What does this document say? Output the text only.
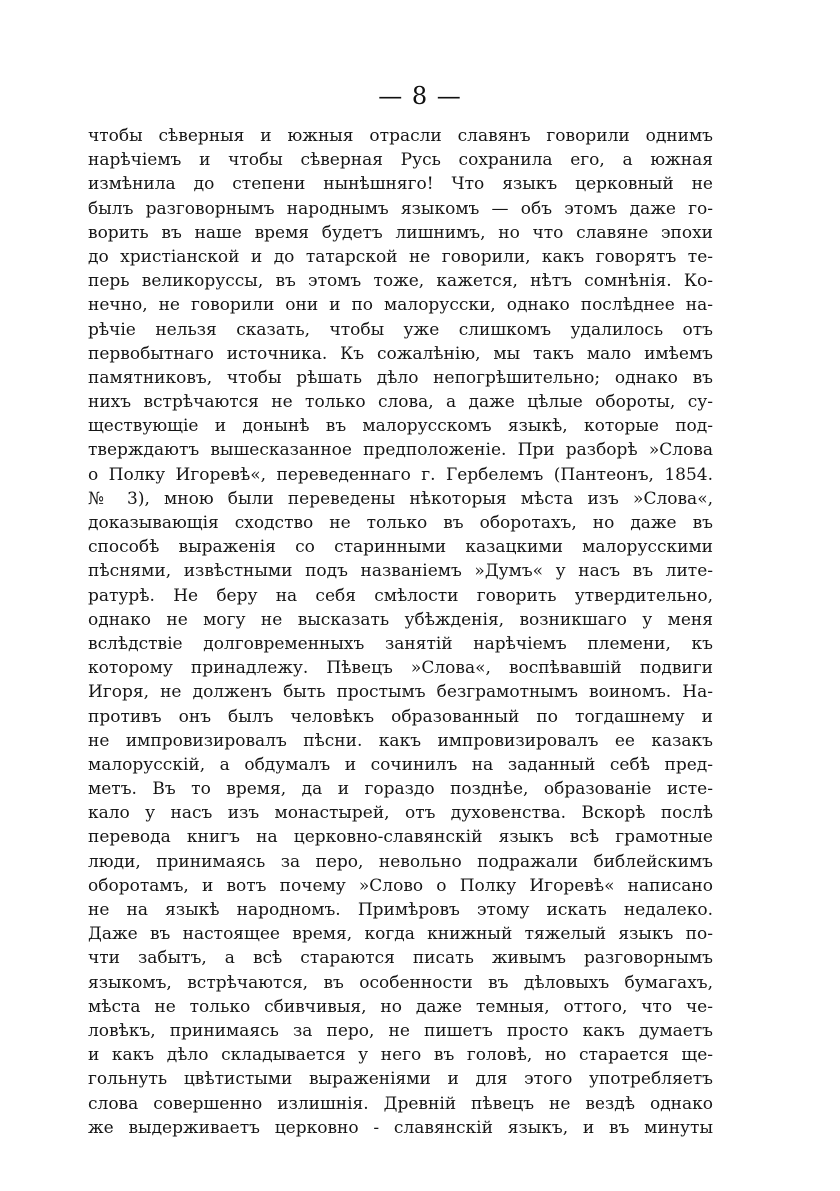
— 8 —
чтобы сѣверныя и южныя отрасли славянъ говорили однимъ
нарѣчіемъ и чтобы сѣверная Русь сохранила его, а южная
измѣнила до степени нынѣшняго! Что языкъ церковный не
былъ разговорнымъ народнымъ языкомъ — объ этомъ даже го-
ворить въ наше время будетъ лишнимъ, но что славяне эпохи
до христіанской и до татарской не говорили, какъ говорятъ те-
перь великоруссы, въ этомъ тоже, кажется, нѣтъ сомнѣнія. Ко-
нечно, не говорили они и по малорусски, однако послѣднее на-
рѣчіе нельзя сказать, чтобы уже слишкомъ удалилось отъ
первобытнаго источника. Къ сожалѣнію, мы такъ мало имѣемъ
памятниковъ, чтобы рѣшать дѣло непогрѣшительно; однако въ
нихъ встрѣчаются не только слова, а даже цѣлые обороты, су-
ществующіе и донынѣ въ малорусскомъ языкѣ, которые под-
тверждаютъ вышесказанное предположеніе. При разборѣ »Слова
о Полку Игоревѣ«, переведеннаго г. Гербелемъ (Пантеонъ, 1854.
№ 3), мною были переведены нѣкоторыя мѣста изъ »Слова«,
доказывающія сходство не только въ оборотахъ, но даже въ
способѣ выраженія со старинными казацкими малорусскими
пѣснями, извѣстными подъ названіемъ »Думъ« у насъ въ лите-
ратурѣ. Не беру на себя смѣлости говорить утвердительно,
однако не могу не высказать убѣжденія, возникшаго у меня
вслѣдствіе долговременныхъ занятій нарѣчіемъ племени, къ
которому принадлежу. Пѣвецъ »Слова«, воспѣвавшій подвиги
Игоря, не долженъ быть простымъ безграмотнымъ воиномъ. На-
противъ онъ былъ человѣкъ образованный по тогдашнему и
не импровизировалъ пѣсни. какъ импровизировалъ ее казакъ
малорусскій, а обдумалъ и сочинилъ на заданный себѣ пред-
метъ. Въ то время, да и гораздо позднѣе, образованіе исте-
кало у насъ изъ монастырей, отъ духовенства. Вскорѣ послѣ
перевода книгъ на церковно-славянскій языкъ всѣ грамотные
люди, принимаясь за перо, невольно подражали библейскимъ
оборотамъ, и вотъ почему »Слово о Полку Игоревѣ« написано
не на языкѣ народномъ. Примѣровъ этому искать недалеко.
Даже въ настоящее время, когда книжный тяжелый языкъ по-
чти забытъ, а всѣ стараются писать живымъ разговорнымъ
языкомъ, встрѣчаются, въ особенности въ дѣловыхъ бумагахъ,
мѣста не только сбивчивыя, но даже темныя, оттого, что че-
ловѣкъ, принимаясь за перо, не пишетъ просто какъ думаетъ
и какъ дѣло складывается у него въ головѣ, но старается ще-
гольнуть цвѣтистыми выраженіями и для этого употребляетъ
слова совершенно излишнія. Древній пѣвецъ не вездѣ однако
же выдерживаетъ церковно - славянскій языкъ, и въ минуты
